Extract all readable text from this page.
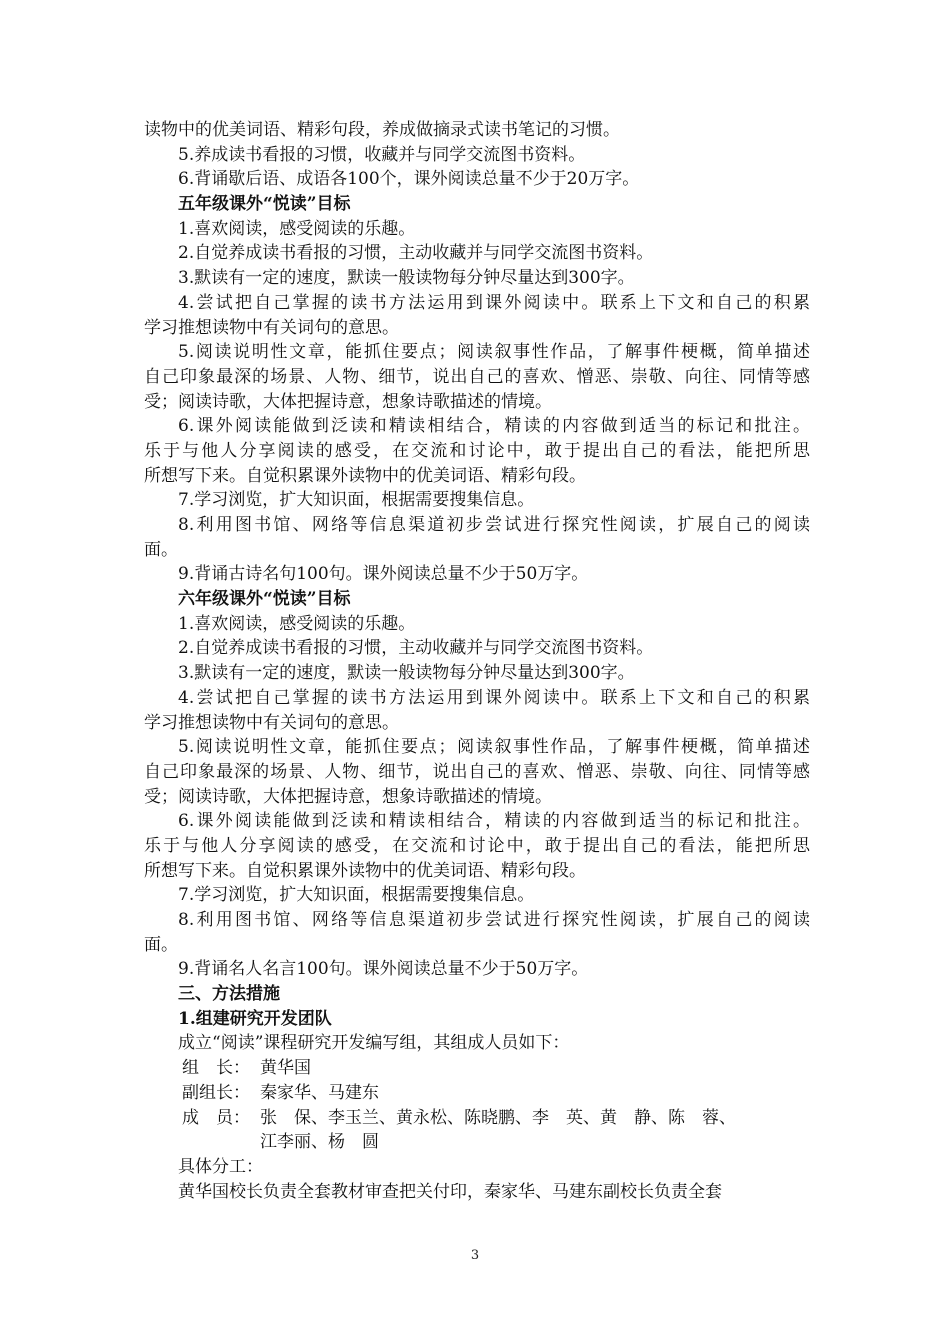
读物中的优美词语、精彩句段，养成做摘录式读书笔记的习惯。
5.养成读书看报的习惯，收藏并与同学交流图书资料。
6.背诵歇后语、成语各100个，课外阅读总量不少于20万字。
五年级课外“悦读”目标
1.喜欢阅读，感受阅读的乐趣。
2.自觉养成读书看报的习惯，主动收藏并与同学交流图书资料。
3.默读有一定的速度，默读一般读物每分钟尽量达到300字。
4.尝试把自己掌握的读书方法运用到课外阅读中。联系上下文和自己的积累
学习推想读物中有关词句的意思。
5.阅读说明性文章，能抓住要点；阅读叙事性作品，了解事件梗概，简单描述
自己印象最深的场景、人物、细节，说出自己的喜欢、憎恶、崇敬、向往、同情等感
受；阅读诗歌，大体把握诗意，想象诗歌描述的情境。
6.课外阅读能做到泛读和精读相结合，精读的内容做到适当的标记和批注。
乐于与他人分享阅读的感受，在交流和讨论中，敢于提出自己的看法，能把所思
所想写下来。自觉积累课外读物中的优美词语、精彩句段。
7.学习浏览，扩大知识面，根据需要搜集信息。
8.利用图书馆、网络等信息渠道初步尝试进行探究性阅读，扩展自己的阅读
面。
9.背诵古诗名句100句。课外阅读总量不少于50万字。
六年级课外“悦读”目标
1.喜欢阅读，感受阅读的乐趣。
2.自觉养成读书看报的习惯，主动收藏并与同学交流图书资料。
3.默读有一定的速度，默读一般读物每分钟尽量达到300字。
4.尝试把自己掌握的读书方法运用到课外阅读中。联系上下文和自己的积累
学习推想读物中有关词句的意思。
5.阅读说明性文章，能抓住要点；阅读叙事性作品，了解事件梗概，简单描述
自己印象最深的场景、人物、细节，说出自己的喜欢、憎恶、崇敬、向往、同情等感
受；阅读诗歌，大体把握诗意，想象诗歌描述的情境。
6.课外阅读能做到泛读和精读相结合，精读的内容做到适当的标记和批注。
乐于与他人分享阅读的感受，在交流和讨论中，敢于提出自己的看法，能把所思
所想写下来。自觉积累课外读物中的优美词语、精彩句段。
7.学习浏览，扩大知识面，根据需要搜集信息。
8.利用图书馆、网络等信息渠道初步尝试进行探究性阅读，扩展自己的阅读
面。
9.背诵名人名言100句。课外阅读总量不少于50万字。
三、方法措施
1.组建研究开发团队
成立“阅读”课程研究开发编写组，其组成人员如下：
组　长： 黄华国
副组长： 秦家华、马建东
成　员： 张　保、李玉兰、黄永松、陈晓鹏、李　英、黄　静、陈　蓉、
江李丽、杨　圆
具体分工：
黄华国校长负责全套教材审查把关付印，秦家华、马建东副校长负责全套
3
